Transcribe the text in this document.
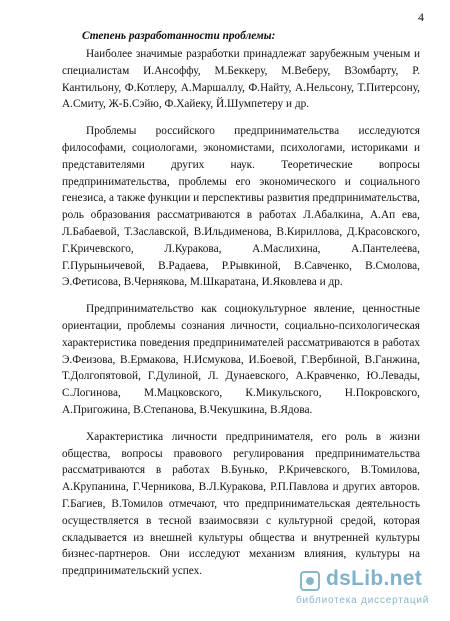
4

Степень разработанности проблемы:

Наиболее значимые разработки принадлежат зарубежным ученым и специалистам И.Ансоффу, М.Беккеру, М.Веберу, В3омбарту, Р. Кантильону, Ф.Котлеру, А.Маршаллу, Ф.Найту, А.Нельсону, Т.Питерсону, А.Смиту, Ж-Б.Сэйю, Ф.Хайеку, Й.Шумпетеру и др.

Проблемы российского предпринимательства исследуются философами, социологами, экономистами, психологами, историками и представителями других наук. Теоретические вопросы предпринимательства, проблемы его экономического и социального генезиса, а также функции и перспективы развития предпринимательства, роль образования рассматриваются в работах Л.Абалкина, А.Ап ева, Л.Бабаевой, Т.Заславской, В.Ильдименова, В.Кириллова, Д.Красовского, Г.Кричевского, Л.Куракова, А.Маслихина, А.Пантелеева, Г.Пурыньичевой, В.Радаева, Р.Рывкиной, В.Савченко, В.Смолова, Э.Фетисова, В.Черняковa, М.Шкаратана, И.Яковлева и др.

Предпринимательство как социокультурное явление, ценностные ориентации, проблемы сознания личности, социально-психологическая характеристика поведения предпринимателей рассматриваются в работах Э.Феизова, В.Ермакова, Н.Исмукова, И.Боевой, Г.Вербиной, В.Ганжина, Т.Долгопятовой, Г.Дулиной, Л. Дунаевского, А.Кравченко, Ю.Левады, С.Логинова, М.Мацковского, К.Микульского, Н.Покровского, А.Пригожина, В.Степанова, В.Чекушкина, В.Ядова.

Характеристика личности предпринимателя, его роль в жизни общества, вопросы правового регулирования предпринимательства рассматриваются в работах В.Бунько, Р.Кричевского, В.Томилова, А.Крупанина, Г.Черникова, В.Л.Куракова, Р.П.Павлова и других авторов. Г.Багиев, В.Томилов отмечают, что предпринимательская деятельность осуществляется в тесной взаимосвязи с культурной средой, которая складывается из внешней культуры общества и внутренней культуры бизнес-партнеров. Они исследуют механизм влияния, культуры на предпринимательский успех.	dsLib.net
библиотека диссертаций
